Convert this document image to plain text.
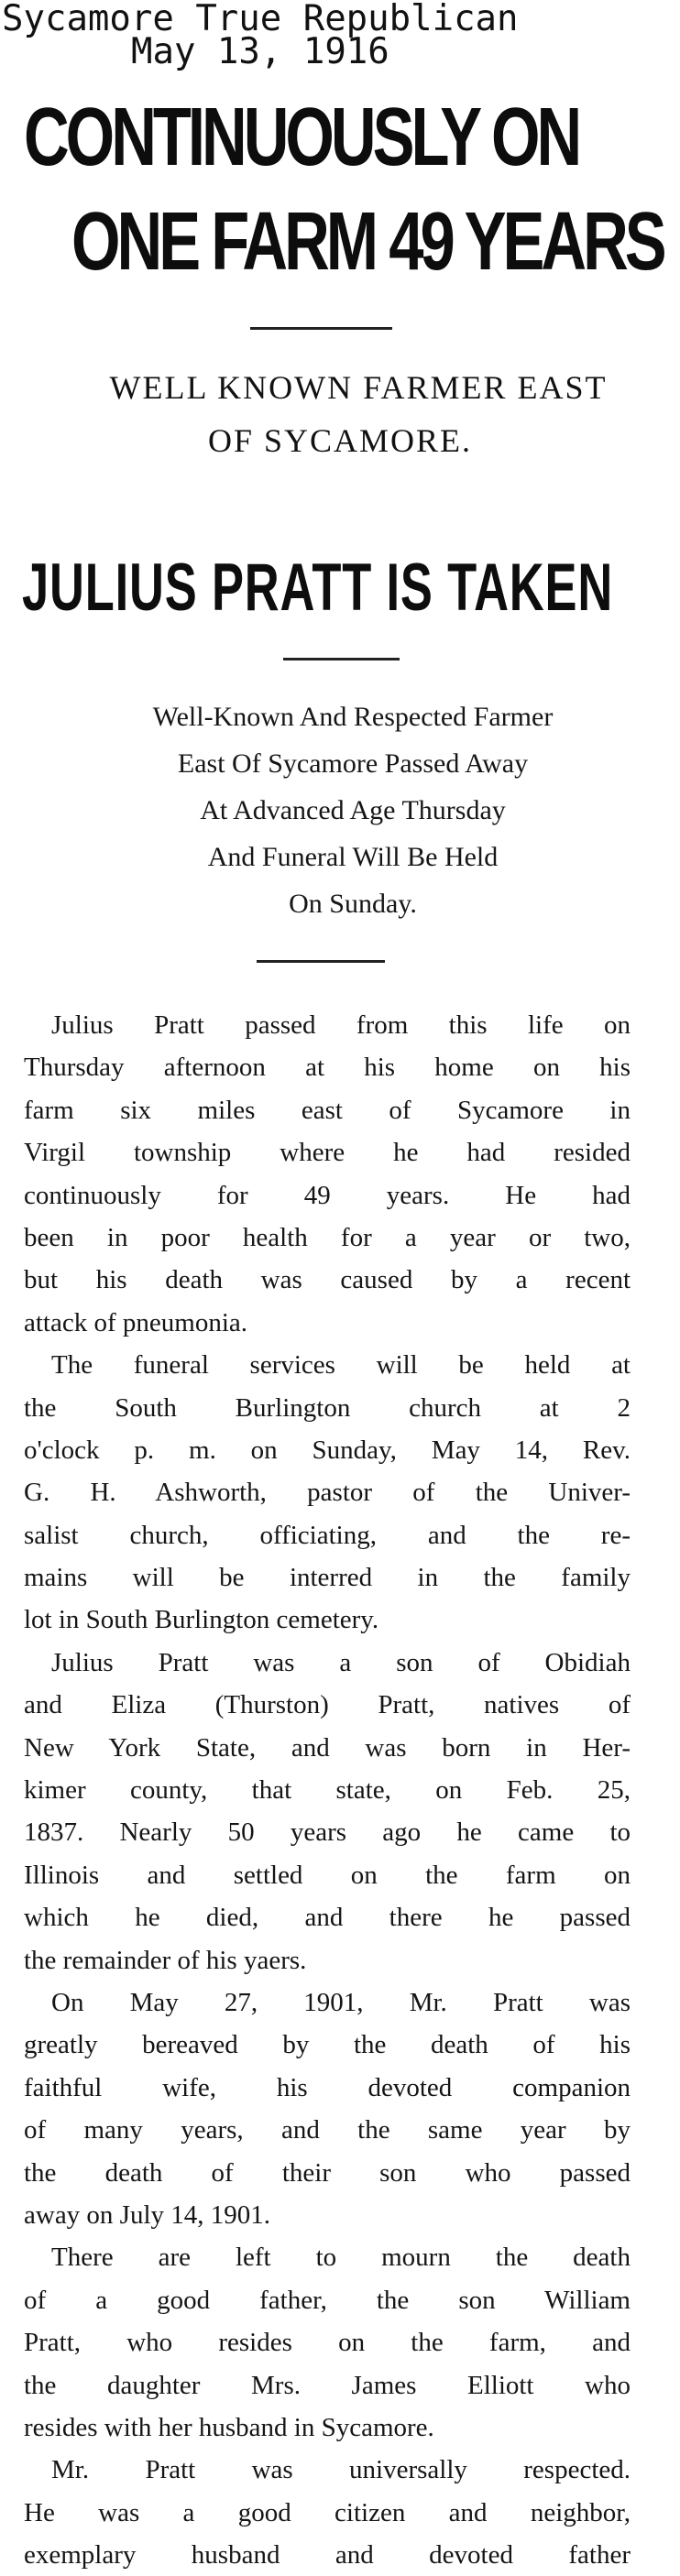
Sycamore True Republican
May 13, 1916
CONTINUOUSLY ON
ONE FARM 49 YEARS
WELL KNOWN FARMER EAST
OF SYCAMORE.
JULIUS PRATT IS TAKEN
Well-Known And Respected Farmer
East Of Sycamore Passed Away
At Advanced Age Thursday
And Funeral Will Be Held
On Sunday.
Julius Pratt passed from this life on
Thursday afternoon at his home on his
farm six miles east of Sycamore in
Virgil township where he had resided
continuously for 49 years. He had
been in poor health for a year or two,
but his death was caused by a recent
attack of pneumonia.
The funeral services will be held at
the South Burlington church at 2
o'clock p. m. on Sunday, May 14, Rev.
G. H. Ashworth, pastor of the Univer-
salist church, officiating, and the re-
mains will be interred in the family
lot in South Burlington cemetery.
Julius Pratt was a son of Obidiah
and Eliza (Thurston) Pratt, natives of
New York State, and was born in Her-
kimer county, that state, on Feb. 25,
1837. Nearly 50 years ago he came to
Illinois and settled on the farm on
which he died, and there he passed
the remainder of his yaers.
On May 27, 1901, Mr. Pratt was
greatly bereaved by the death of his
faithful wife, his devoted companion
of many years, and the same year by
the death of their son who passed
away on July 14, 1901.
There are left to mourn the death
of a good father, the son William
Pratt, who resides on the farm, and
the daughter Mrs. James Elliott who
resides with her husband in Sycamore.
Mr. Pratt was universally respected.
He was a good citizen and neighbor,
exemplary husband and devoted father
